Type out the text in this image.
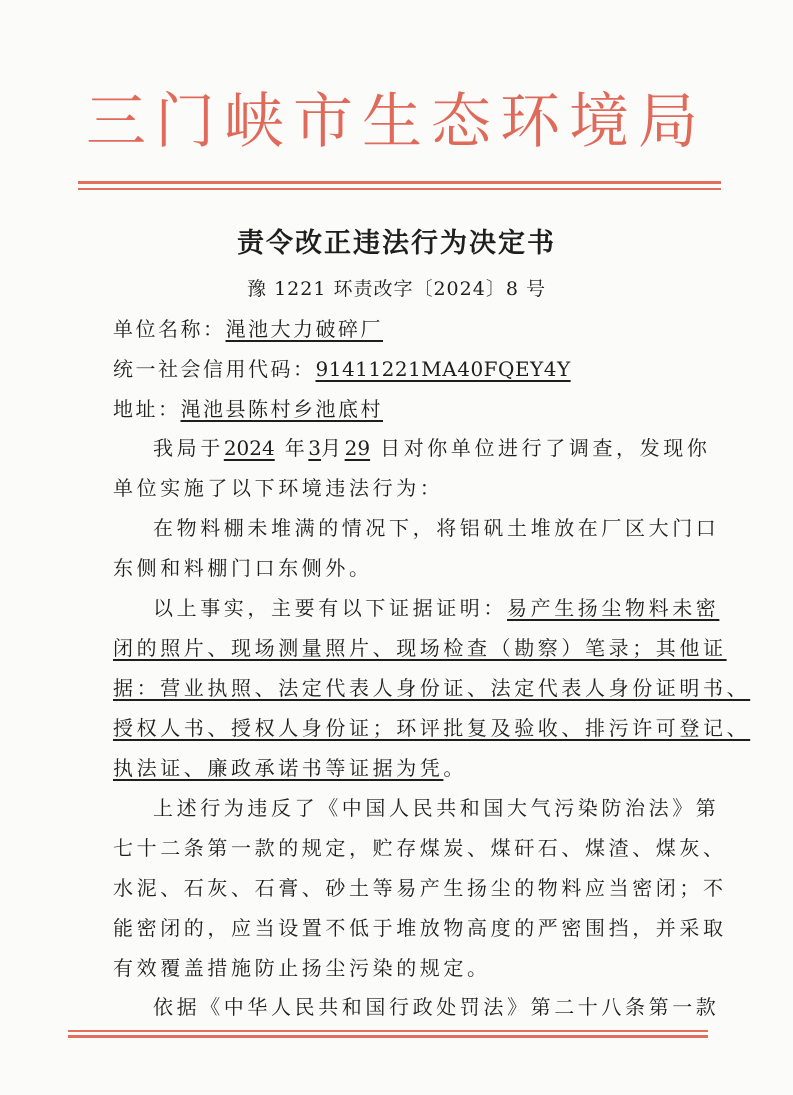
三门峡市生态环境局
责令改正违法行为决定书
豫 1221 环责改字〔2024〕8 号
单位名称：渑池大力破碎厂
统一社会信用代码：91411221MA40FQEY4Y
地址：渑池县陈村乡池底村
我局于2024 年3月29 日对你单位进行了调查，发现你
单位实施了以下环境违法行为：
在物料棚未堆满的情况下，将铝矾土堆放在厂区大门口
东侧和料棚门口东侧外。
以上事实，主要有以下证据证明：易产生扬尘物料未密
闭的照片、现场测量照片、现场检查（勘察）笔录；其他证
据：营业执照、法定代表人身份证、法定代表人身份证明书、
授权人书、授权人身份证；环评批复及验收、排污许可登记、
执法证、廉政承诺书等证据为凭。
上述行为违反了《中国人民共和国大气污染防治法》第
七十二条第一款的规定，贮存煤炭、煤矸石、煤渣、煤灰、
水泥、石灰、石膏、砂土等易产生扬尘的物料应当密闭；不
能密闭的，应当设置不低于堆放物高度的严密围挡，并采取
有效覆盖措施防止扬尘污染的规定。
依据《中华人民共和国行政处罚法》第二十八条第一款
